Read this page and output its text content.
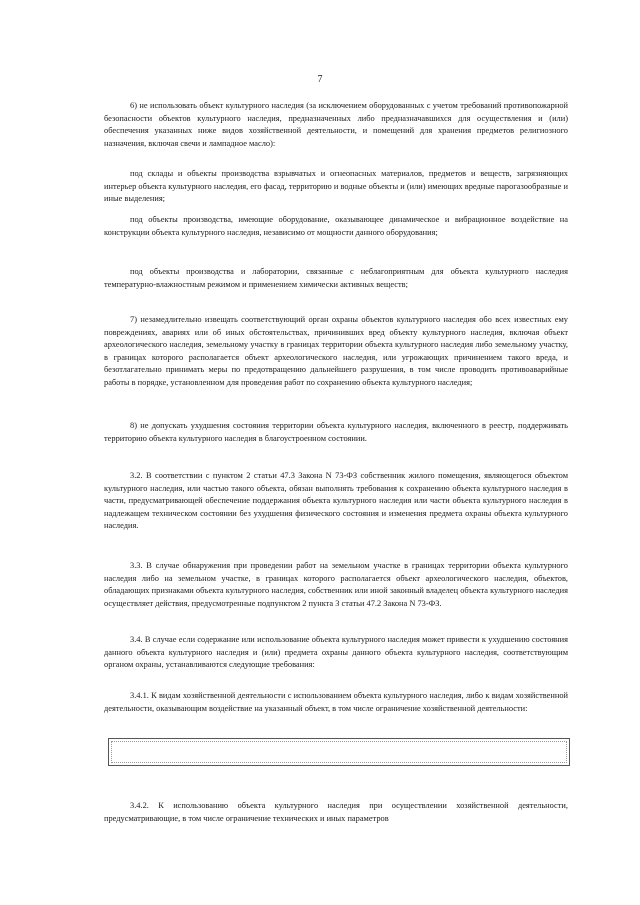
7

6) не использовать объект культурного наследия (за исключением оборудованных с учетом требований противопожарной безопасности объектов культурного наследия, предназначенных либо предназначавшихся для осуществления и (или) обеспечения указанных ниже видов хозяйственной деятельности, и помещений для хранения предметов религиозного назначения, включая свечи и лампадное масло):

под склады и объекты производства взрывчатых и огнеопасных материалов, предметов и веществ, загрязняющих интерьер объекта культурного наследия, его фасад, территорию и водные объекты и (или) имеющих вредные парогазообразные и иные выделения;

под объекты производства, имеющие оборудование, оказывающее динамическое и вибрационное воздействие на конструкции объекта культурного наследия, независимо от мощности данного оборудования;

под объекты производства и лаборатории, связанные с неблагоприятным для объекта культурного наследия температурно-влажностным режимом и применением химически активных веществ;

7) незамедлительно извещать соответствующий орган охраны объектов культурного наследия обо всех известных ему повреждениях, авариях или об иных обстоятельствах, причинивших вред объекту культурного наследия, включая объект археологического наследия, земельному участку в границах территории объекта культурного наследия либо земельному участку, в границах которого располагается объект археологического наследия, или угрожающих причинением такого вреда, и безотлагательно принимать меры по предотвращению дальнейшего разрушения, в том числе проводить противоаварийные работы в порядке, установленном для проведения работ по сохранению объекта культурного наследия;

8) не допускать ухудшения состояния территории объекта культурного наследия, включенного в реестр, поддерживать территорию объекта культурного наследия в благоустроенном состоянии.

3.2. В соответствии с пунктом 2 статьи 47.3 Закона N 73-ФЗ собственник жилого помещения, являющегося объектом культурного наследия, или частью такого объекта, обязан выполнять требования к сохранению объекта культурного наследия в части, предусматривающей обеспечение поддержания объекта культурного наследия или части объекта культурного наследия в надлежащем техническом состоянии без ухудшения физического состояния и изменения предмета охраны объекта культурного наследия.

3.3. В случае обнаружения при проведении работ на земельном участке в границах территории объекта культурного наследия либо на земельном участке, в границах которого располагается объект археологического наследия, объектов, обладающих признаками объекта культурного наследия, собственник или иной законный владелец объекта культурного наследия осуществляет действия, предусмотренные подпунктом 2 пункта 3 статьи 47.2 Закона N 73-ФЗ.

3.4. В случае если содержание или использование объекта культурного наследия может привести к ухудшению состояния данного объекта культурного наследия и (или) предмета охраны данного объекта культурного наследия, соответствующим органом охраны, устанавливаются следующие требования:

3.4.1. К видам хозяйственной деятельности с использованием объекта культурного наследия, либо к видам хозяйственной деятельности, оказывающим воздействие на указанный объект, в том числе ограничение хозяйственной деятельности:

3.4.2. К использованию объекта культурного наследия при осуществлении хозяйственной деятельности, предусматривающие, в том числе ограничение технических и иных параметров
